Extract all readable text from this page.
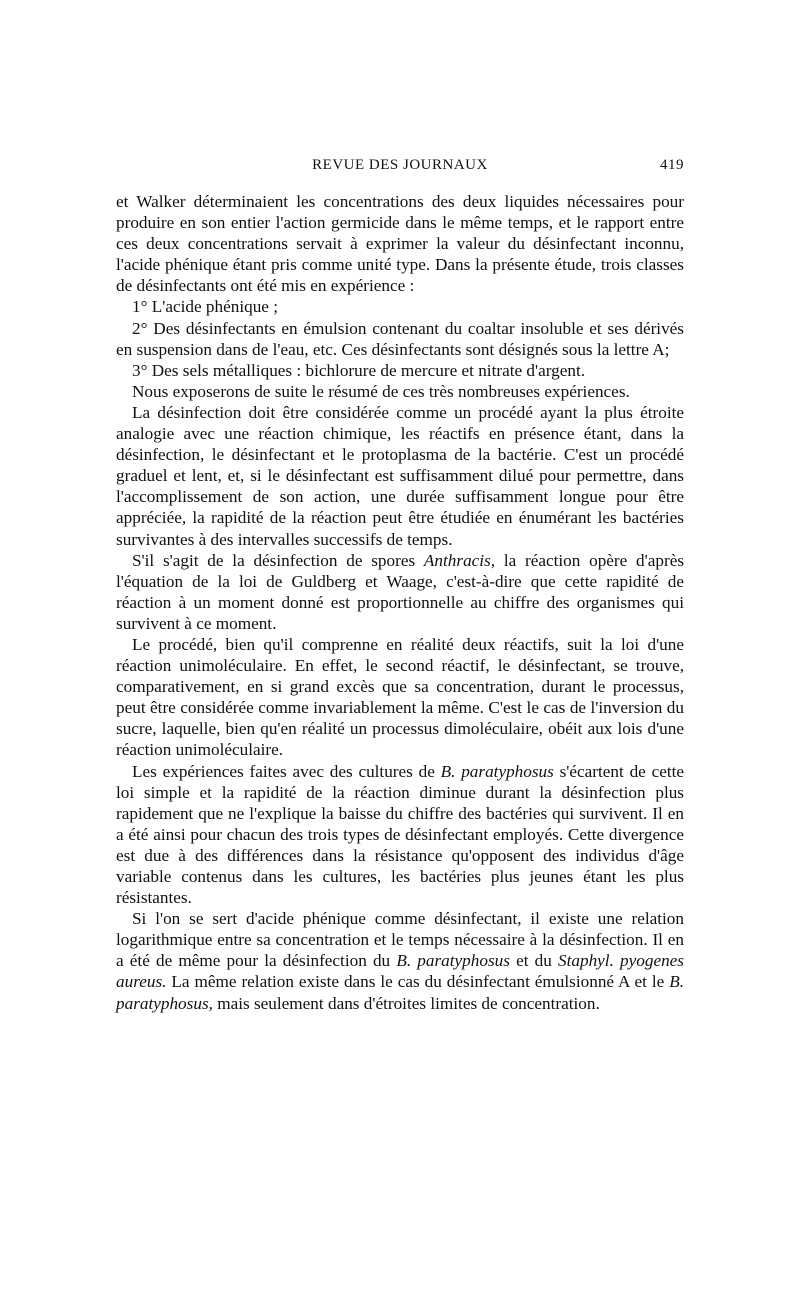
REVUE DES JOURNAUX	419

et Walker déterminaient les concentrations des deux liquides nécessaires pour produire en son entier l'action germicide dans le même temps, et le rapport entre ces deux concentrations servait à exprimer la valeur du désinfectant inconnu, l'acide phénique étant pris comme unité type. Dans la présente étude, trois classes de désinfectants ont été mis en expérience :

1° L'acide phénique ;

2° Des désinfectants en émulsion contenant du coaltar insoluble et ses dérivés en suspension dans de l'eau, etc. Ces désinfectants sont désignés sous la lettre A;

3° Des sels métalliques : bichlorure de mercure et nitrate d'argent.

Nous exposerons de suite le résumé de ces très nombreuses expériences.

La désinfection doit être considérée comme un procédé ayant la plus étroite analogie avec une réaction chimique, les réactifs en présence étant, dans la désinfection, le désinfectant et le protoplasma de la bactérie. C'est un procédé graduel et lent, et, si le désinfectant est suffisamment dilué pour permettre, dans l'accomplissement de son action, une durée suffisamment longue pour être appréciée, la rapidité de la réaction peut être étudiée en énumérant les bactéries survivantes à des intervalles successifs de temps.

S'il s'agit de la désinfection de spores Anthracis, la réaction opère d'après l'équation de la loi de Guldberg et Waage, c'est-à-dire que cette rapidité de réaction à un moment donné est proportionnelle au chiffre des organismes qui survivent à ce moment.

Le procédé, bien qu'il comprenne en réalité deux réactifs, suit la loi d'une réaction unimoléculaire. En effet, le second réactif, le désinfectant, se trouve, comparativement, en si grand excès que sa concentration, durant le processus, peut être considérée comme invariablement la même. C'est le cas de l'inversion du sucre, laquelle, bien qu'en réalité un processus dimoléculaire, obéit aux lois d'une réaction unimoléculaire.

Les expériences faites avec des cultures de B. paratyphosus s'écartent de cette loi simple et la rapidité de la réaction diminue durant la désinfection plus rapidement que ne l'explique la baisse du chiffre des bactéries qui survivent. Il en a été ainsi pour chacun des trois types de désinfectant employés. Cette divergence est due à des différences dans la résistance qu'opposent des individus d'âge variable contenus dans les cultures, les bactéries plus jeunes étant les plus résistantes.

Si l'on se sert d'acide phénique comme désinfectant, il existe une relation logarithmique entre sa concentration et le temps nécessaire à la désinfection. Il en a été de même pour la désinfection du B. paratyphosus et du Staphyl. pyogenes aureus. La même relation existe dans le cas du désinfectant émulsionné A et le B. paratyphosus, mais seulement dans d'étroites limites de concentration.
